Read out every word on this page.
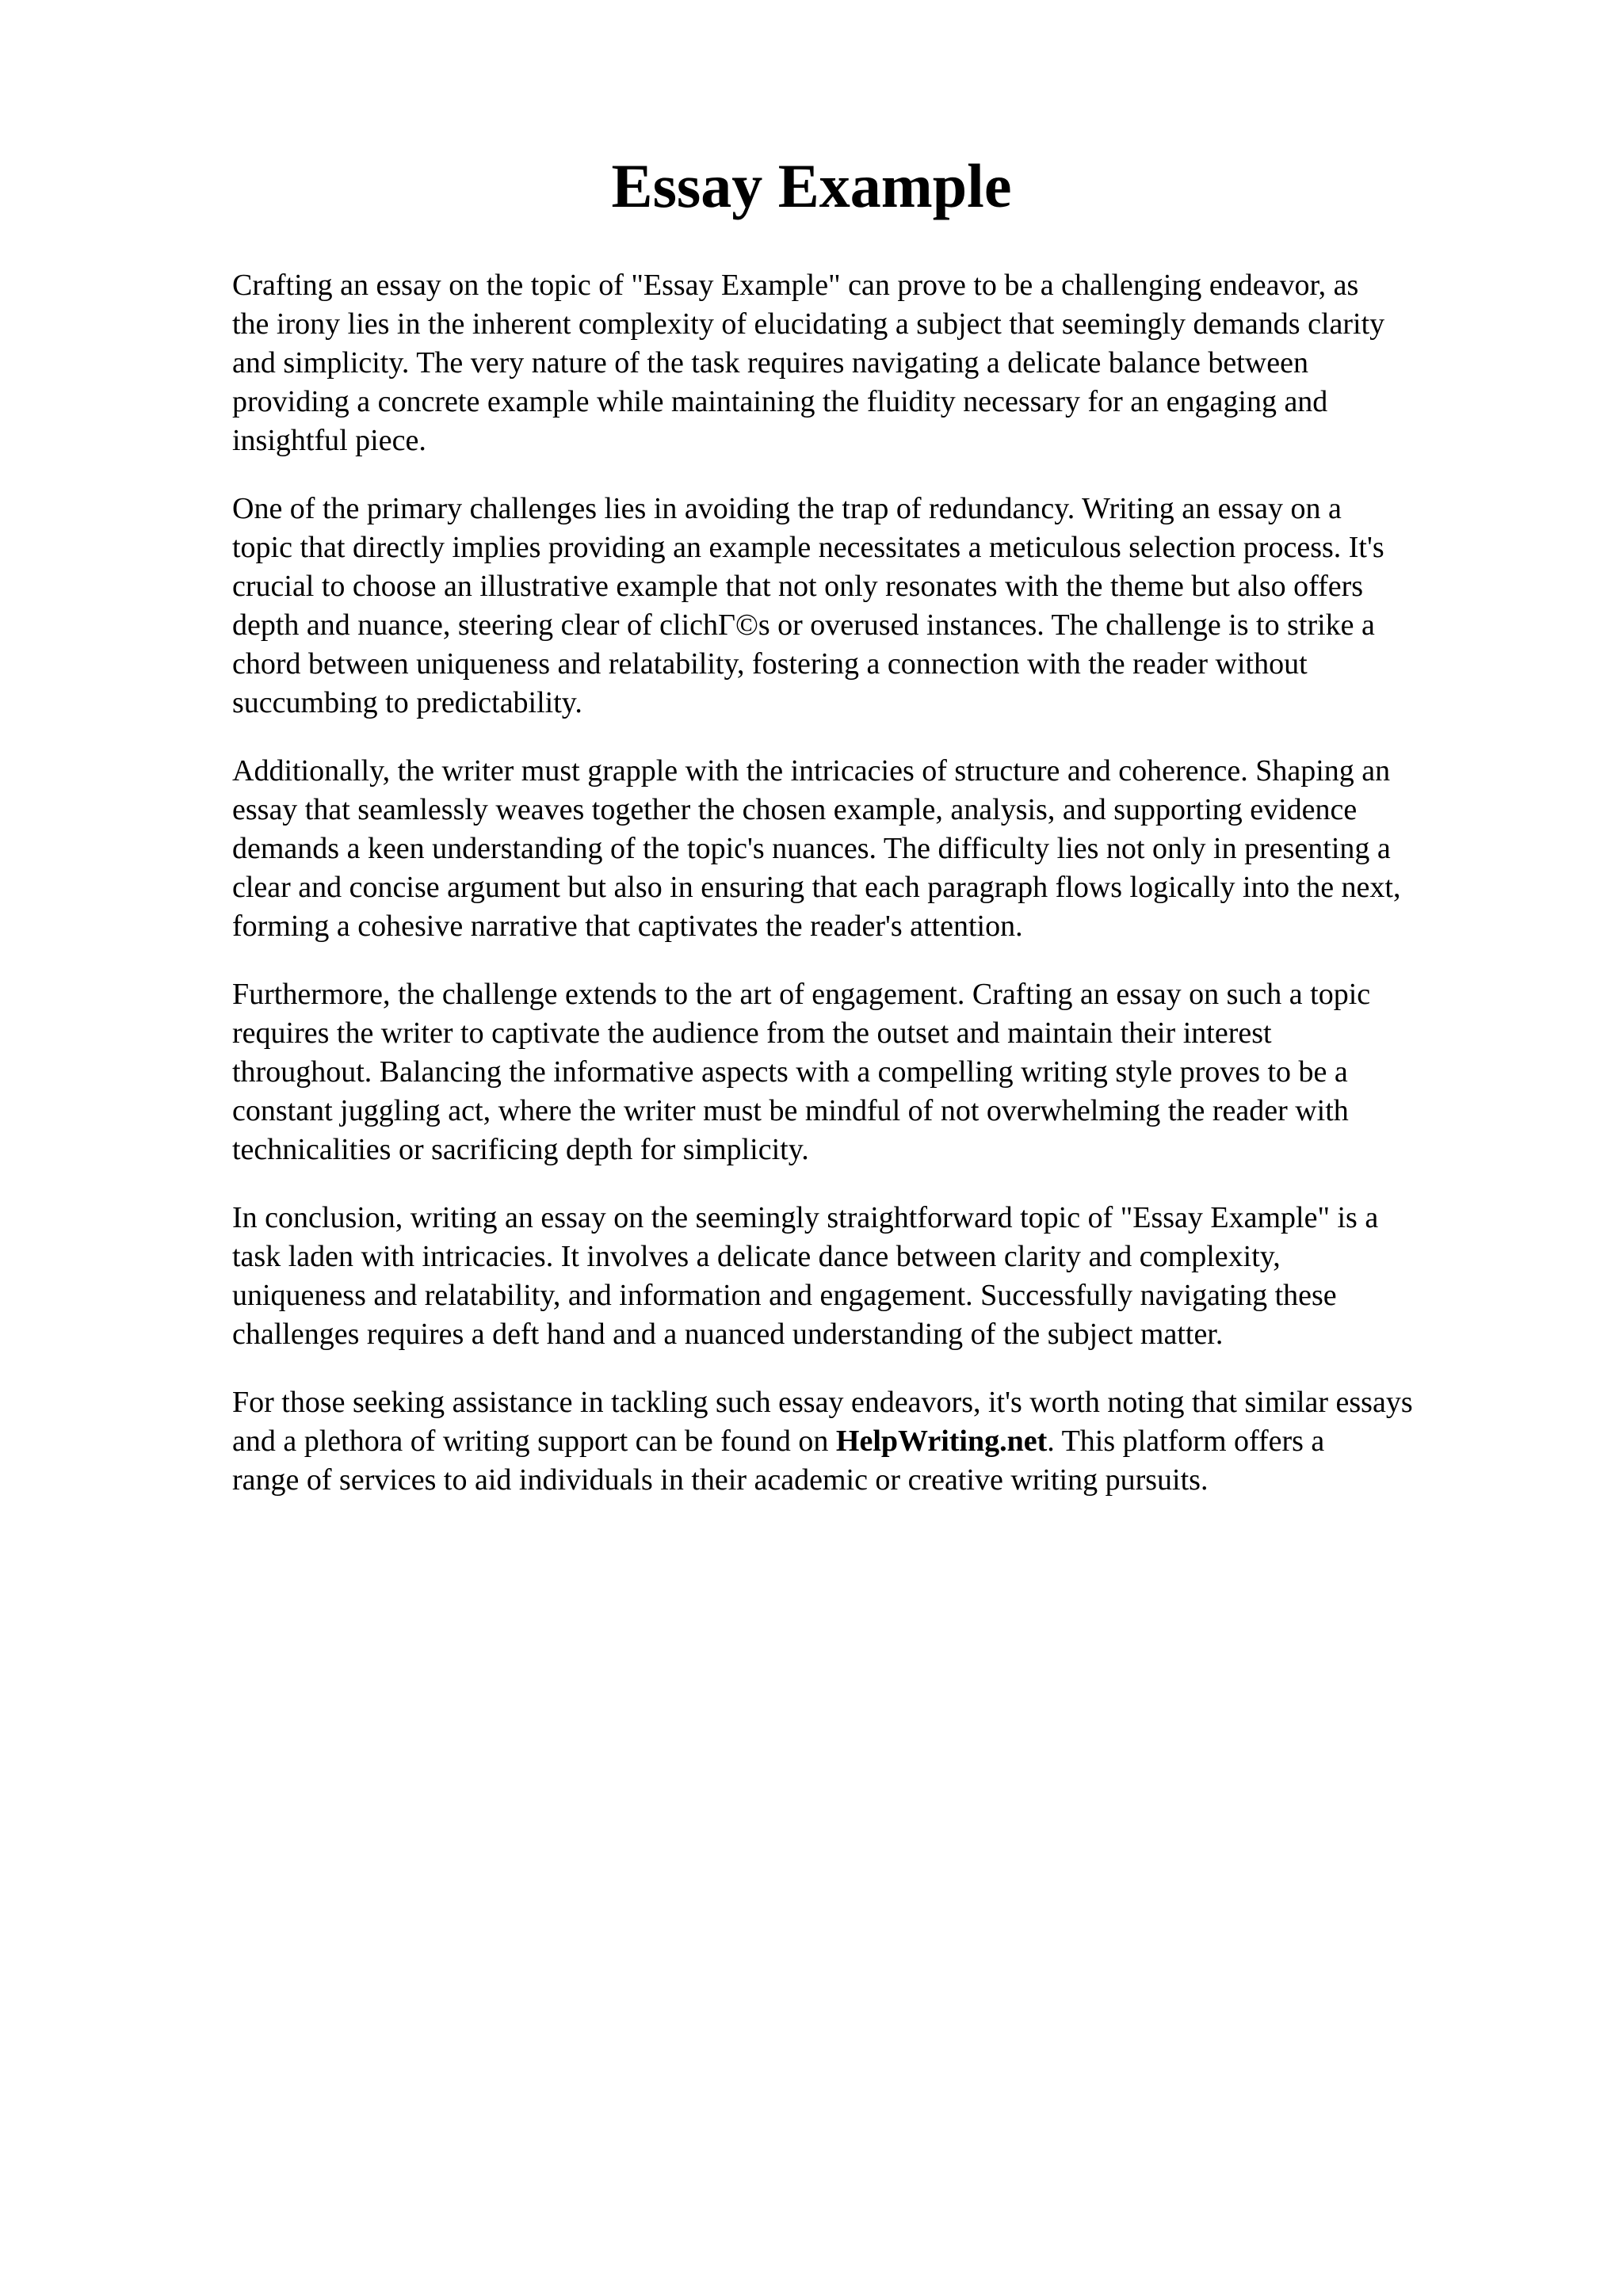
Essay Example

Crafting an essay on the topic of "Essay Example" can prove to be a challenging endeavor, as
the irony lies in the inherent complexity of elucidating a subject that seemingly demands clarity
and simplicity. The very nature of the task requires navigating a delicate balance between
providing a concrete example while maintaining the fluidity necessary for an engaging and
insightful piece.

One of the primary challenges lies in avoiding the trap of redundancy. Writing an essay on a
topic that directly implies providing an example necessitates a meticulous selection process. It's
crucial to choose an illustrative example that not only resonates with the theme but also offers
depth and nuance, steering clear of clichГ©s or overused instances. The challenge is to strike a
chord between uniqueness and relatability, fostering a connection with the reader without
succumbing to predictability.

Additionally, the writer must grapple with the intricacies of structure and coherence. Shaping an
essay that seamlessly weaves together the chosen example, analysis, and supporting evidence
demands a keen understanding of the topic's nuances. The difficulty lies not only in presenting a
clear and concise argument but also in ensuring that each paragraph flows logically into the next,
forming a cohesive narrative that captivates the reader's attention.

Furthermore, the challenge extends to the art of engagement. Crafting an essay on such a topic
requires the writer to captivate the audience from the outset and maintain their interest
throughout. Balancing the informative aspects with a compelling writing style proves to be a
constant juggling act, where the writer must be mindful of not overwhelming the reader with
technicalities or sacrificing depth for simplicity.

In conclusion, writing an essay on the seemingly straightforward topic of "Essay Example" is a
task laden with intricacies. It involves a delicate dance between clarity and complexity,
uniqueness and relatability, and information and engagement. Successfully navigating these
challenges requires a deft hand and a nuanced understanding of the subject matter.

For those seeking assistance in tackling such essay endeavors, it's worth noting that similar essays
and a plethora of writing support can be found on HelpWriting.net. This platform offers a
range of services to aid individuals in their academic or creative writing pursuits.
